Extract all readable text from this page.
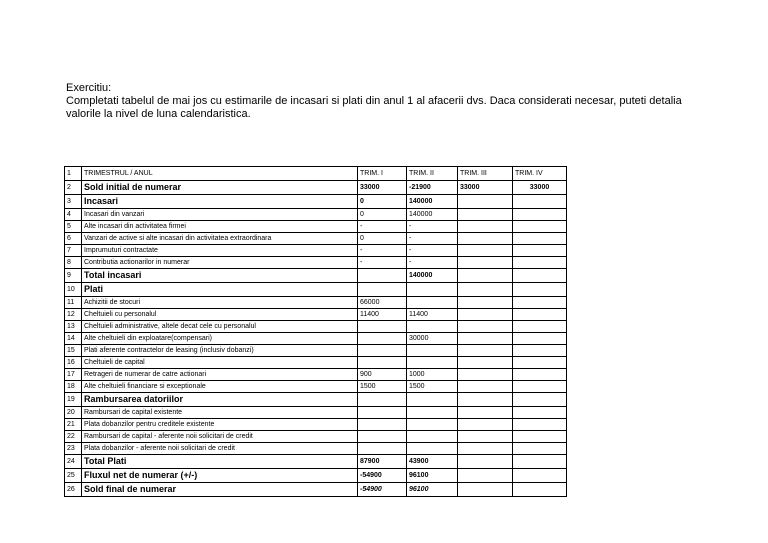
Exercitiu:
Completati tabelul de mai jos cu estimarile de incasari si plati din anul 1 al afacerii dvs. Daca considerati necesar, puteti detalia
valorile la nivel de luna calendaristica.
1	TRIMESTRUL / ANUL	TRIM. I	TRIM. II	TRIM. III	TRIM. IV
2	Sold initial de numerar	33000	-21900	33000	33000
3	Incasari	0	140000		
4	Incasari din vanzari	0	140000		
5	Alte incasari din activitatea firmei	-	-		
6	Vanzari de active si alte incasari din activitatea extraordinara	0	-		
7	Imprumuturi contractate	-	-		
8	Contributia actionarilor in numerar	-	-		
9	Total incasari		140000		
10	Plati				
11	Achizitii de stocuri	66000			
12	Cheltuieli cu personalul	11400	11400		
13	Cheltuieli administrative, altele decat cele cu personalul				
14	Alte cheltuieli din exploatare(compensari)		30000		
15	Plati aferente contractelor de leasing (inclusiv dobanzi)				
16	Cheltuieli de capital				
17	Retrageri de numerar de catre actionari	900	1000		
18	Alte cheltuieli financiare si exceptionale	1500	1500		
19	Rambursarea datoriilor				
20	Rambursari de capital existente				
21	Plata dobanzilor pentru creditele existente				
22	Rambursari de capital - aferente noii solicitari de credit				
23	Plata dobanzilor - aferente noii solicitari de credit				
24	Total Plati	87900	43900		
25	Fluxul net de numerar (+/-)	-54900	96100		
26	Sold final de numerar	-54900	96100		
